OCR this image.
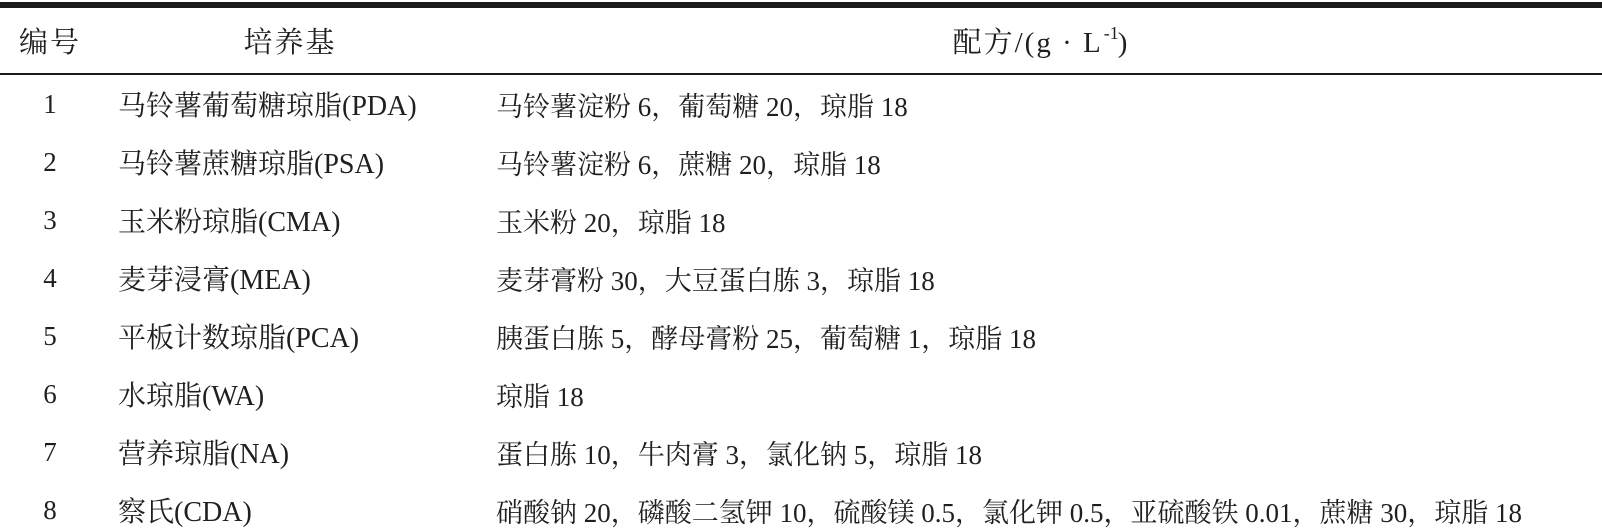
编号	培养基	配方$/(g \cdot L^{-1})$
1	马铃薯葡萄糖琼脂(PDA)	马铃薯淀粉 6，葡萄糖 20，琼脂 18
2	马铃薯蔗糖琼脂(PSA)	马铃薯淀粉 6，蔗糖 20，琼脂 18
3	玉米粉琼脂(CMA)	玉米粉 20，琼脂 18
4	麦芽浸膏(MEA)	麦芽膏粉 30，大豆蛋白胨 3，琼脂 18
5	平板计数琼脂(PCA)	胰蛋白胨 5，酵母膏粉 25，葡萄糖 1，琼脂 18
6	水琼脂(WA)	琼脂 18
7	营养琼脂(NA)	蛋白胨 10，牛肉膏 3，氯化钠 5，琼脂 18
8	察氏(CDA)	硝酸钠 20，磷酸二氢钾 10，硫酸镁 0.5，氯化钾 0.5，亚硫酸铁 0.01，蔗糖 30，琼脂 18
